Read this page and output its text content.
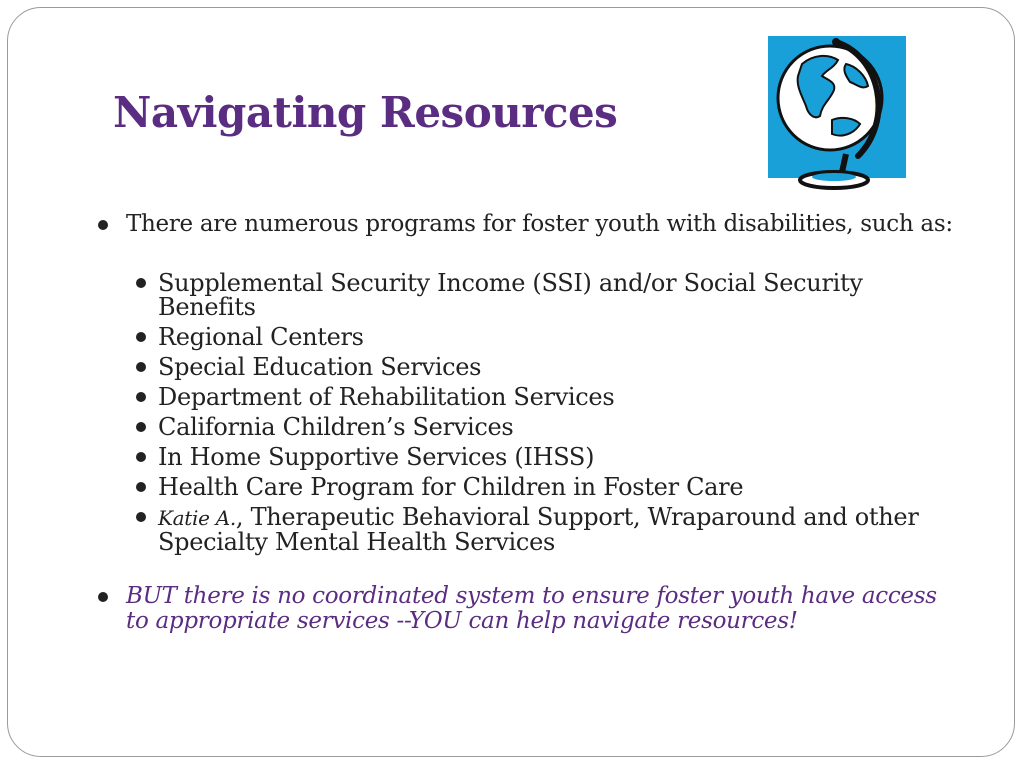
Navigating Resources
There are numerous programs for foster youth with disabilities, such as:
Supplemental Security Income (SSI) and/or Social Security Benefits
Regional Centers
Special Education Services
Department of Rehabilitation Services
California Children’s Services
In Home Supportive Services (IHSS)
Health Care Program for Children in Foster Care
Katie A., Therapeutic Behavioral Support, Wraparound and other Specialty Mental Health Services
BUT there is no coordinated system to ensure foster youth have access to appropriate services --YOU can help navigate resources!
